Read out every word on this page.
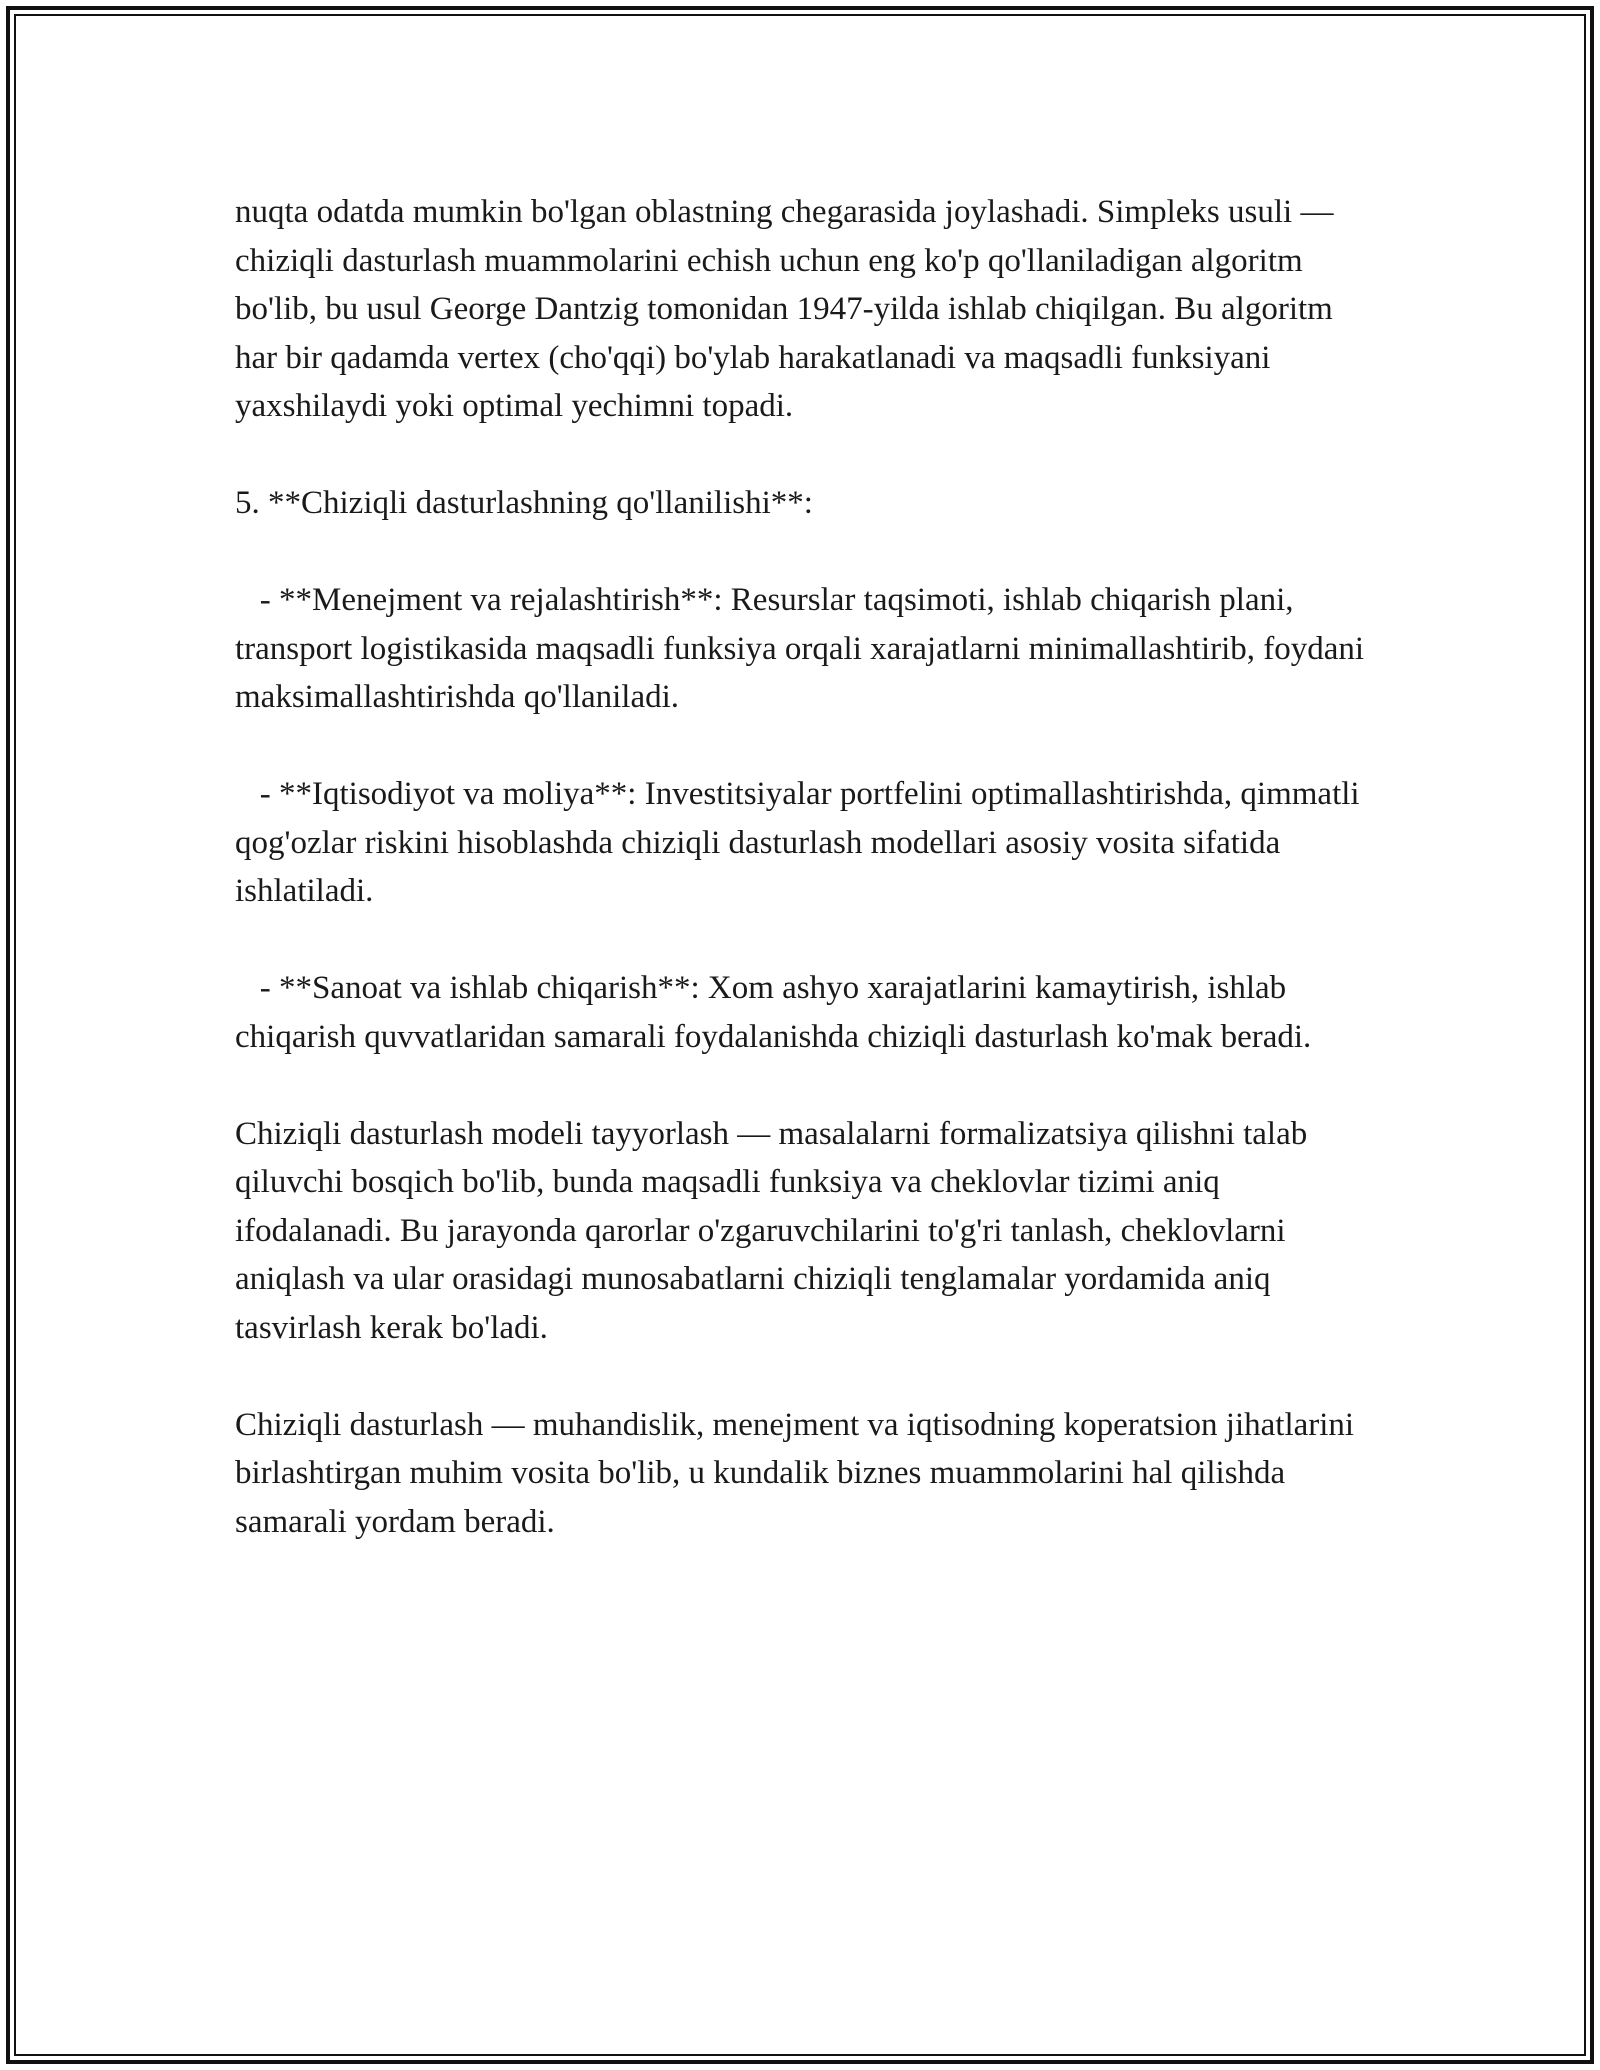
nuqta odatda mumkin bo'lgan oblastning chegarasida joylashadi. Simpleks usuli — chiziqli dasturlash muammolarini echish uchun eng ko'p qo'llaniladigan algoritm bo'lib, bu usul George Dantzig tomonidan 1947-yilda ishlab chiqilgan. Bu algoritm har bir qadamda vertex (cho'qqi) bo'ylab harakatlanadi va maqsadli funksiyani yaxshilaydi yoki optimal yechimni topadi.

5. **Chiziqli dasturlashning qo'llanilishi**:

- **Menejment va rejalashtirish**: Resurslar taqsimoti, ishlab chiqarish plani, transport logistikasida maqsadli funksiya orqali xarajatlarni minimallashtirib, foydani maksimallashtirishda qo'llaniladi.

- **Iqtisodiyot va moliya**: Investitsiyalar portfelini optimallashtirishda, qimmatli qog'ozlar riskini hisoblashda chiziqli dasturlash modellari asosiy vosita sifatida ishlatiladi.

- **Sanoat va ishlab chiqarish**: Xom ashyo xarajatlarini kamaytirish, ishlab chiqarish quvvatlaridan samarali foydalanishda chiziqli dasturlash ko'mak beradi.

Chiziqli dasturlash modeli tayyorlash — masalalarni formalizatsiya qilishni talab qiluvchi bosqich bo'lib, bunda maqsadli funksiya va cheklovlar tizimi aniq ifodalanadi. Bu jarayonda qarorlar o'zgaruvchilarini to'g'ri tanlash, cheklovlarni aniqlash va ular orasidagi munosabatlarni chiziqli tenglamalar yordamida aniq tasvirlash kerak bo'ladi.

Chiziqli dasturlash — muhandislik, menejment va iqtisodning koperatsion jihatlarini birlashtirgan muhim vosita bo'lib, u kundalik biznes muammolarini hal qilishda samarali yordam beradi.
